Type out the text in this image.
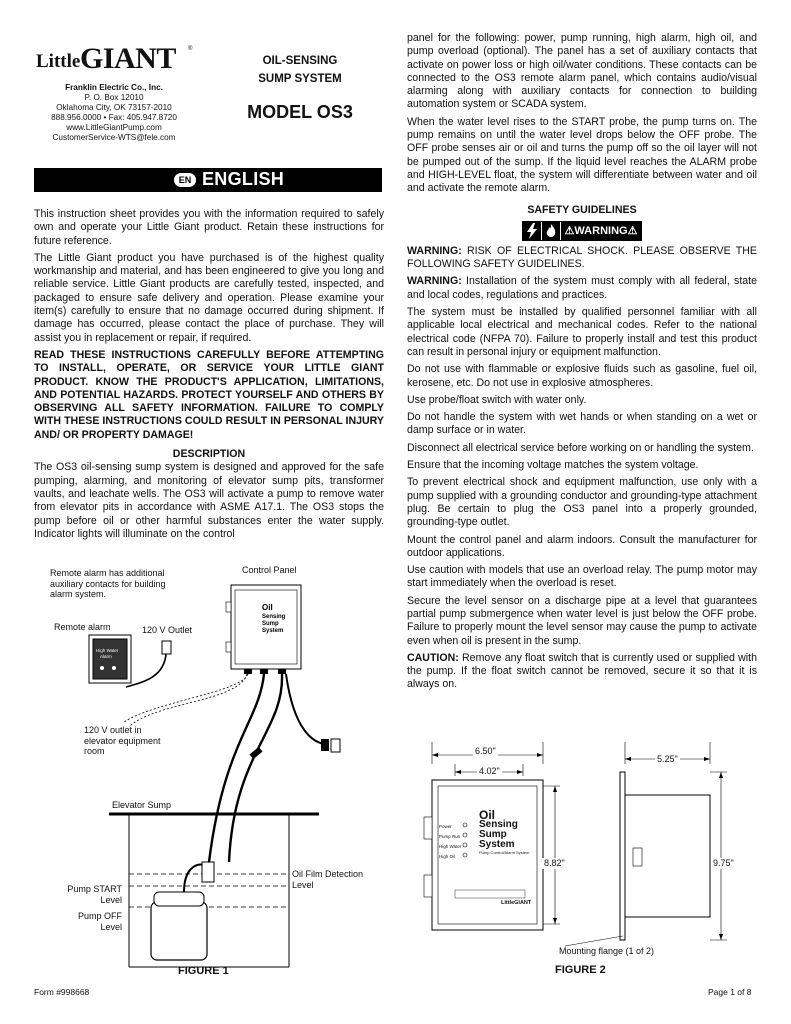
Little GIANT ®
Franklin Electric Co., Inc.
P. O. Box 12010
Oklahoma City, OK 73157-2010
888.956.0000 • Fax: 405.947.8720
www.LittleGiantPump.com
CustomerService-WTS@fele.com
OIL-SENSING
SUMP SYSTEM
MODEL OS3
EN ENGLISH

This instruction sheet provides you with the information required to safely own and operate your Little Giant product. Retain these instructions for future reference.

The Little Giant product you have purchased is of the highest quality workmanship and material, and has been engineered to give you long and reliable service. Little Giant products are carefully tested, inspected, and packaged to ensure safe delivery and operation. Please examine your item(s) carefully to ensure that no damage occurred during shipment. If damage has occurred, please contact the place of purchase. They will assist you in replacement or repair, if required.

READ THESE INSTRUCTIONS CAREFULLY BEFORE ATTEMPTING TO INSTALL, OPERATE, OR SERVICE YOUR LITTLE GIANT PRODUCT. KNOW THE PRODUCT'S APPLICATION, LIMITATIONS, AND POTENTIAL HAZARDS. PROTECT YOURSELF AND OTHERS BY OBSERVING ALL SAFETY INFORMATION. FAILURE TO COMPLY WITH THESE INSTRUCTIONS COULD RESULT IN PERSONAL INJURY AND/ OR PROPERTY DAMAGE!

DESCRIPTION

The OS3 oil-sensing sump system is designed and approved for the safe pumping, alarming, and monitoring of elevator sump pits, transformer vaults, and leachate wells. The OS3 will activate a pump to remove water from elevator pits in accordance with ASME A17.1. The OS3 stops the pump before oil or other harmful substances enter the water supply. Indicator lights will illuminate on the control

panel for the following: power, pump running, high alarm, high oil, and pump overload (optional). The panel has a set of auxiliary contacts that activate on power loss or high oil/water conditions. These contacts can be connected to the OS3 remote alarm panel, which contains audio/visual alarming along with auxiliary contacts for connection to building automation system or SCADA system.

When the water level rises to the START probe, the pump turns on. The pump remains on until the water level drops below the OFF probe. The OFF probe senses air or oil and turns the pump off so the oil layer will not be pumped out of the sump. If the liquid level reaches the ALARM probe and HIGH-LEVEL float, the system will differentiate between water and oil and activate the remote alarm.

SAFETY GUIDELINES
⚠ WARNING ⚠

WARNING: RISK OF ELECTRICAL SHOCK. PLEASE OBSERVE THE FOLLOWING SAFETY GUIDELINES.

WARNING: Installation of the system must comply with all federal, state and local codes, regulations and practices.

The system must be installed by qualified personnel familiar with all applicable local electrical and mechanical codes. Refer to the national electrical code (NFPA 70). Failure to properly install and test this product can result in personal injury or equipment malfunction.

Do not use with flammable or explosive fluids such as gasoline, fuel oil, kerosene, etc. Do not use in explosive atmospheres.

Use probe/float switch with water only.

Do not handle the system with wet hands or when standing on a wet or damp surface or in water.

Disconnect all electrical service before working on or handling the system.

Ensure that the incoming voltage matches the system voltage.

To prevent electrical shock and equipment malfunction, use only with a pump supplied with a grounding conductor and grounding-type attachment plug. Be certain to plug the OS3 panel into a properly grounded, grounding-type outlet.

Mount the control panel and alarm indoors. Consult the manufacturer for outdoor applications.

Use caution with models that use an overload relay. The pump motor may start immediately when the overload is reset.

Secure the level sensor on a discharge pipe at a level that guarantees partial pump submergence when water level is just below the OFF probe. Failure to properly mount the level sensor may cause the pump to activate even when oil is present in the sump.

CAUTION: Remove any float switch that is currently used or supplied with the pump. If the float switch cannot be removed, secure it so that it is always on.

Oil
Sensing
Sump
System
High Water
Alarm
Remote alarm has additional auxiliary contacts for building alarm system.
Control Panel
Remote alarm	120 V Outlet
120 V outlet in elevator equipment room
Elevator Sump
Oil Film Detection Level
Pump START Level
Pump OFF Level
FIGURE 1
6.50"
4.02"
5.25"
8.82"	9.75"
Oil
Sensing
Sump
System
Pump Control/Alarm System
Power
Pump Run
High Water
High Oil
LittleGIANT
Mounting flange (1 of 2)
FIGURE 2
Form #998668	Page 1 of 8
